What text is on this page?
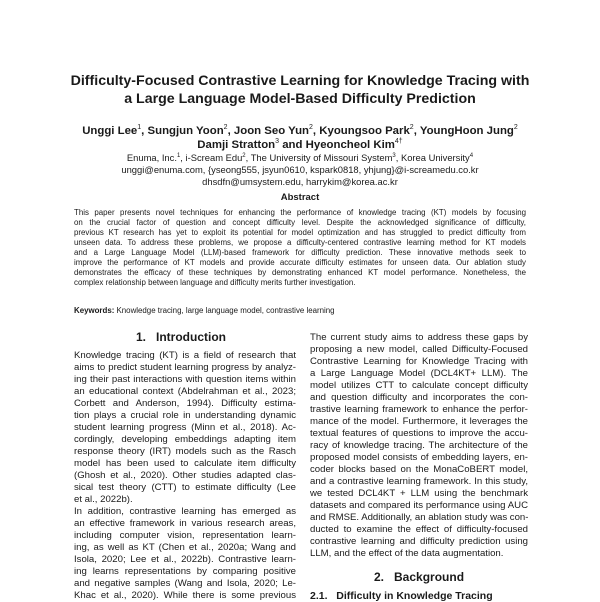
Difficulty-Focused Contrastive Learning for Knowledge Tracing with
a Large Language Model-Based Difficulty Prediction
Unggi Lee$^1$, Sungjun Yoon$^2$, Joon Seo Yun$^2$, Kyoungsoo Park$^2$, YoungHoon Jung$^2$
Damji Stratton$^3$ and Hyeoncheol Kim$^{4\dagger}$
Enuma, Inc.$^1$, i-Scream Edu$^2$, The University of Missouri System$^3$, Korea University$^4$
unggi@enuma.com, {yseong555, jsyun0610, kspark0818, yhjung}@i-screamedu.co.kr
dhsdfn@umsystem.edu, harrykim@korea.ac.kr
Abstract
This paper presents novel techniques for enhancing the performance of knowledge tracing (KT) models by focusing
on the crucial factor of question and concept difficulty level. Despite the acknowledged significance of difficulty,
previous KT research has yet to exploit its potential for model optimization and has struggled to predict difficulty from
unseen data. To address these problems, we propose a difficulty-centered contrastive learning method for KT models
and a Large Language Model (LLM)-based framework for difficulty prediction. These innovative methods seek to
improve the performance of KT models and provide accurate difficulty estimates for unseen data. Our ablation study
demonstrates the efficacy of these techniques by demonstrating enhanced KT model performance. Nonetheless, the
complex relationship between language and difficulty merits further investigation.
Keywords: Knowledge tracing, large language model, contrastive learning
1.   Introduction
Knowledge tracing (KT) is a field of research that
aims to predict student learning progress by analyz-
ing their past interactions with question items within
an educational context (Abdelrahman et al., 2023;
Corbett and Anderson, 1994). Difficulty estima-
tion plays a crucial role in understanding dynamic
student learning progress (Minn et al., 2018). Ac-
cordingly, developing embeddings adapting item
response theory (IRT) models such as the Rasch
model has been used to calculate item difficulty
(Ghosh et al., 2020). Other studies adapted clas-
sical test theory (CTT) to estimate difficulty (Lee
et al., 2022b).
In addition, contrastive learning has emerged as
an effective framework in various research areas,
including computer vision, representation learn-
ing, as well as KT (Chen et al., 2020a; Wang and
Isola, 2020; Lee et al., 2022b). Contrastive learn-
ing learns representations by comparing positive
and negative samples (Wang and Isola, 2020; Le-
Khac et al., 2020). While there is some previous
The current study aims to address these gaps by
proposing a new model, called Difficulty-Focused
Contrastive Learning for Knowledge Tracing with
a Large Language Model (DCL4KT+ LLM). The
model utilizes CTT to calculate concept difficulty
and question difficulty and incorporates the con-
trastive learning framework to enhance the perfor-
mance of the model. Furthermore, it leverages the
textual features of questions to improve the accu-
racy of knowledge tracing. The architecture of the
proposed model consists of embedding layers, en-
coder blocks based on the MonaCoBERT model,
and a contrastive learning framework. In this study,
we tested DCL4KT + LLM using the benchmark
datasets and compared its performance using AUC
and RMSE. Additionally, an ablation study was con-
ducted to examine the effect of difficulty-focused
contrastive learning and difficulty prediction using
LLM, and the effect of the data augmentation.
2.   Background
2.1.   Difficulty in Knowledge Tracing
